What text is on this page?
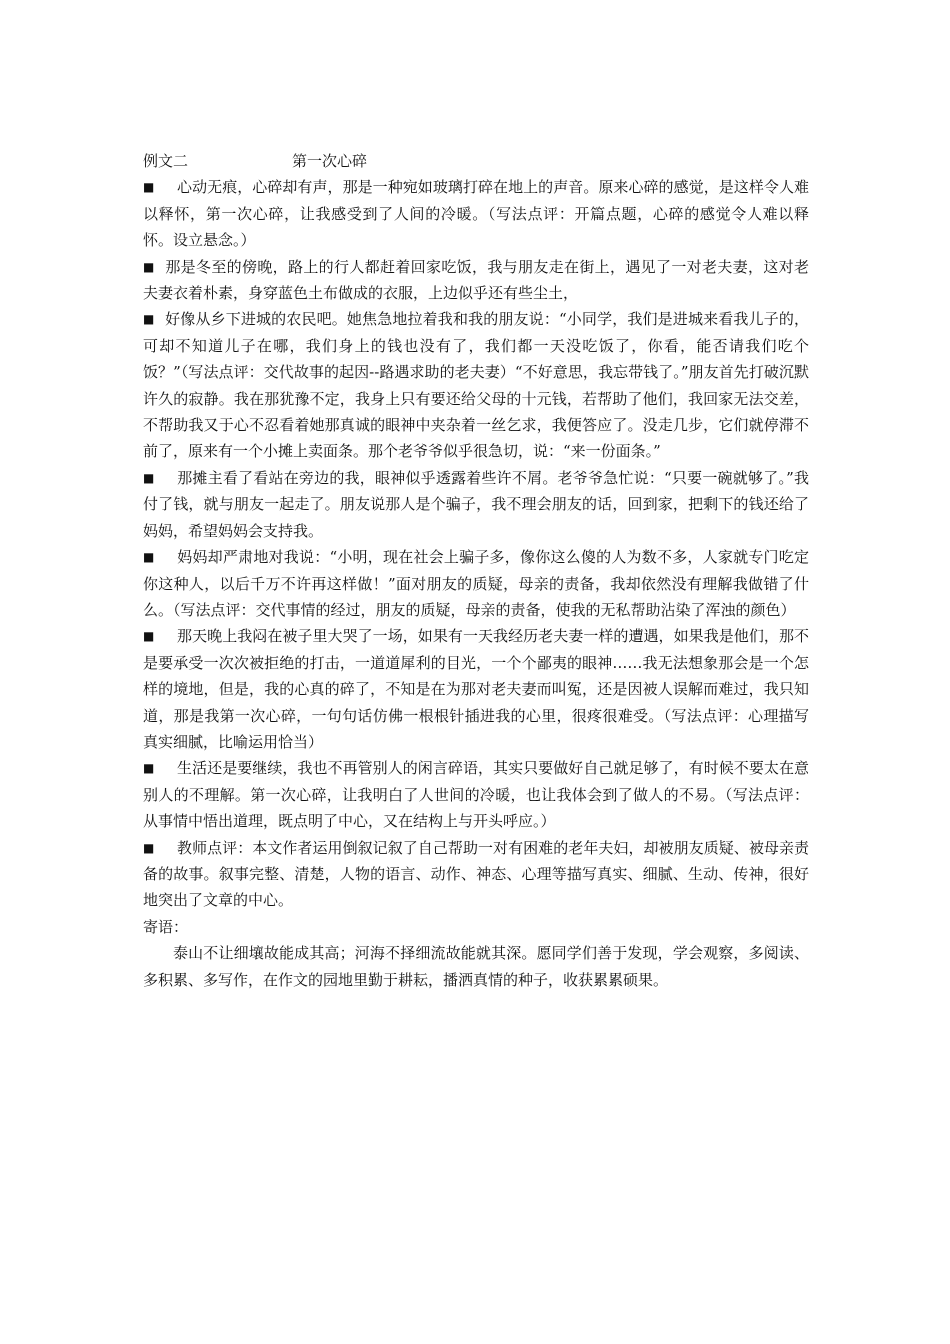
例文二	第一次心碎

■ 心动无痕，心碎却有声，那是一种宛如玻璃打碎在地上的声音。原来心碎的感觉，是这样令人难以释怀，第一次心碎，让我感受到了人间的冷暖。（写法点评：开篇点题，心碎的感觉令人难以释怀。设立悬念。）

■ 那是冬至的傍晚，路上的行人都赶着回家吃饭，我与朋友走在街上，遇见了一对老夫妻，这对老夫妻衣着朴素，身穿蓝色土布做成的衣服，上边似乎还有些尘土，

■ 好像从乡下进城的农民吧。她焦急地拉着我和我的朋友说：“小同学，我们是进城来看我儿子的，可却不知道儿子在哪，我们身上的钱也没有了，我们都一天没吃饭了，你看，能否请我们吃个饭？”（写法点评：交代故事的起因--路遇求助的老夫妻）“不好意思，我忘带钱了。”朋友首先打破沉默许久的寂静。我在那犹豫不定，我身上只有要还给父母的十元钱，若帮助了他们，我回家无法交差，不帮助我又于心不忍看着她那真诚的眼神中夹杂着一丝乞求，我便答应了。没走几步，它们就停滞不前了，原来有一个小摊上卖面条。那个老爷爷似乎很急切，说：“来一份面条。”

■ 那摊主看了看站在旁边的我，眼神似乎透露着些许不屑。老爷爷急忙说：“只要一碗就够了。”我付了钱，就与朋友一起走了。朋友说那人是个骗子，我不理会朋友的话，回到家，把剩下的钱还给了妈妈，希望妈妈会支持我。

■ 妈妈却严肃地对我说：“小明，现在社会上骗子多，像你这么傻的人为数不多，人家就专门吃定你这种人，以后千万不许再这样做！”面对朋友的质疑，母亲的责备，我却依然没有理解我做错了什么。（写法点评：交代事情的经过，朋友的质疑，母亲的责备，使我的无私帮助沾染了浑浊的颜色）

■ 那天晚上我闷在被子里大哭了一场，如果有一天我经历老夫妻一样的遭遇，如果我是他们，那不是要承受一次次被拒绝的打击，一道道犀利的目光，一个个鄙夷的眼神……我无法想象那会是一个怎样的境地，但是，我的心真的碎了，不知是在为那对老夫妻而叫冤，还是因被人误解而难过，我只知道，那是我第一次心碎，一句句话仿佛一根根针插进我的心里，很疼很难受。（写法点评：心理描写真实细腻，比喻运用恰当）

■ 生活还是要继续，我也不再管别人的闲言碎语，其实只要做好自己就足够了，有时候不要太在意别人的不理解。第一次心碎，让我明白了人世间的冷暖，也让我体会到了做人的不易。（写法点评：从事情中悟出道理，既点明了中心，又在结构上与开头呼应。）

■ 教师点评：本文作者运用倒叙记叙了自己帮助一对有困难的老年夫妇，却被朋友质疑、被母亲责备的故事。叙事完整、清楚，人物的语言、动作、神态、心理等描写真实、细腻、生动、传神，很好地突出了文章的中心。

寄语：

泰山不让细壤故能成其高；河海不择细流故能就其深。愿同学们善于发现，学会观察，多阅读、多积累、多写作，在作文的园地里勤于耕耘，播洒真情的种子，收获累累硕果。
